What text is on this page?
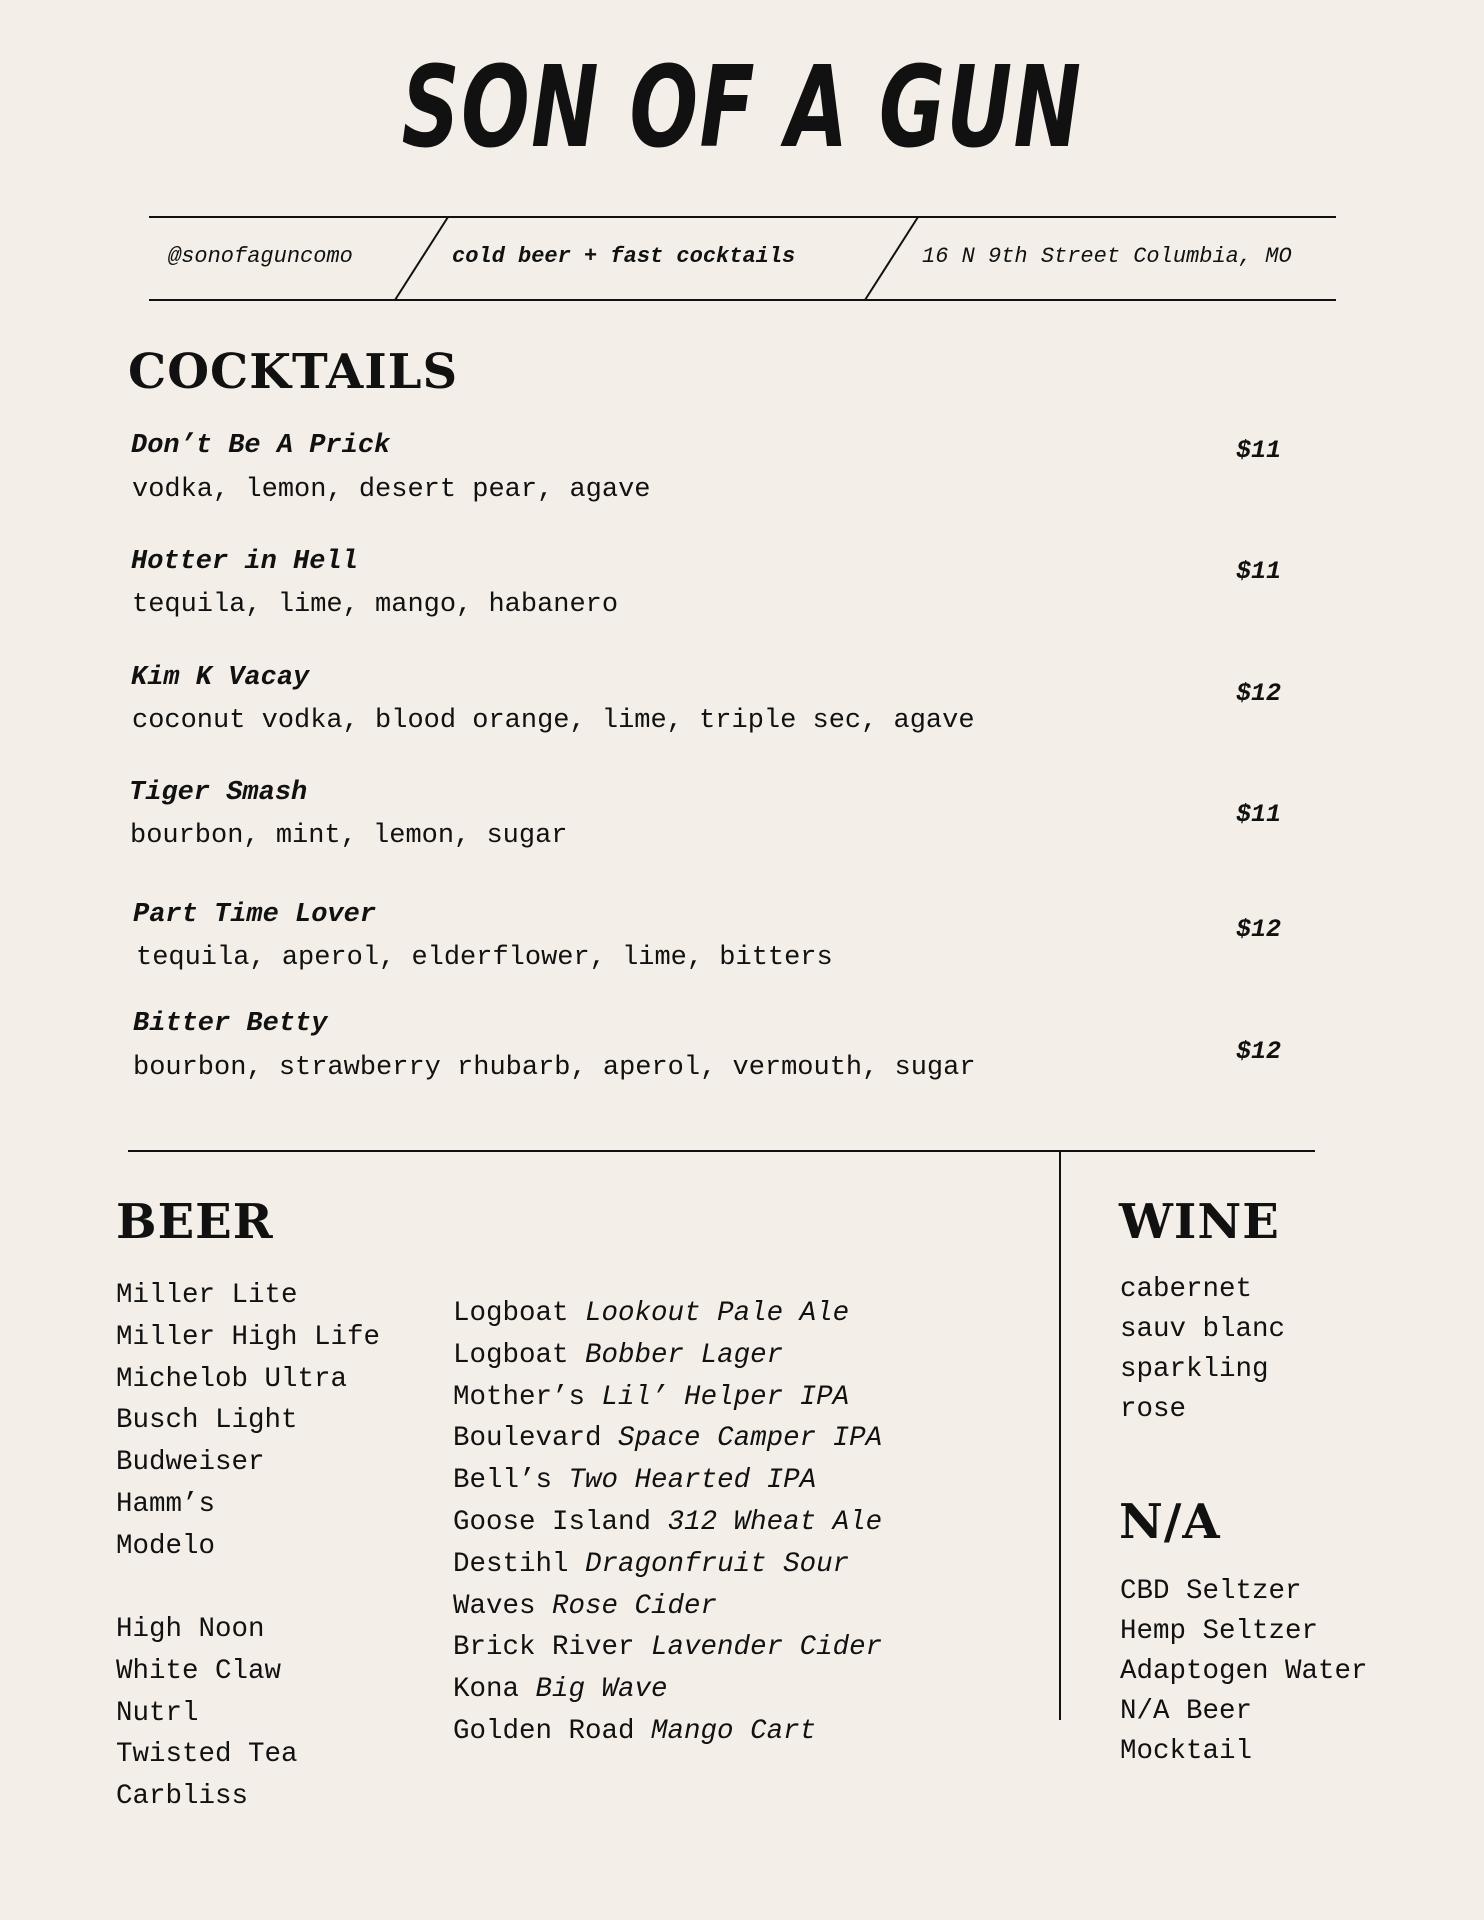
SON OF A GUN
@sonofaguncomo	cold beer + fast cocktails	16 N 9th Street Columbia, MO
COCKTAILS
Don’t Be A Prick
vodka, lemon, desert pear, agave
$11
Hotter in Hell
tequila, lime, mango, habanero
$11
Kim K Vacay
coconut vodka, blood orange, lime, triple sec, agave
$12
Tiger Smash
bourbon, mint, lemon, sugar
$11
Part Time Lover
tequila, aperol, elderflower, lime, bitters
$12
Bitter Betty
bourbon, strawberry rhubarb, aperol, vermouth, sugar
$12
BEER
Miller Lite
Miller High Life
Michelob Ultra
Busch Light
Budweiser
Hamm’s
Modelo
High Noon
White Claw
Nutrl
Twisted Tea
Carbliss
Logboat Lookout Pale Ale
Logboat Bobber Lager
Mother’s Lil’ Helper IPA
Boulevard Space Camper IPA
Bell’s Two Hearted IPA
Goose Island 312 Wheat Ale
Destihl Dragonfruit Sour
Waves Rose Cider
Brick River Lavender Cider
Kona Big Wave
Golden Road Mango Cart
WINE
cabernet
sauv blanc
sparkling
rose
N/A
CBD Seltzer
Hemp Seltzer
Adaptogen Water
N/A Beer
Mocktail
